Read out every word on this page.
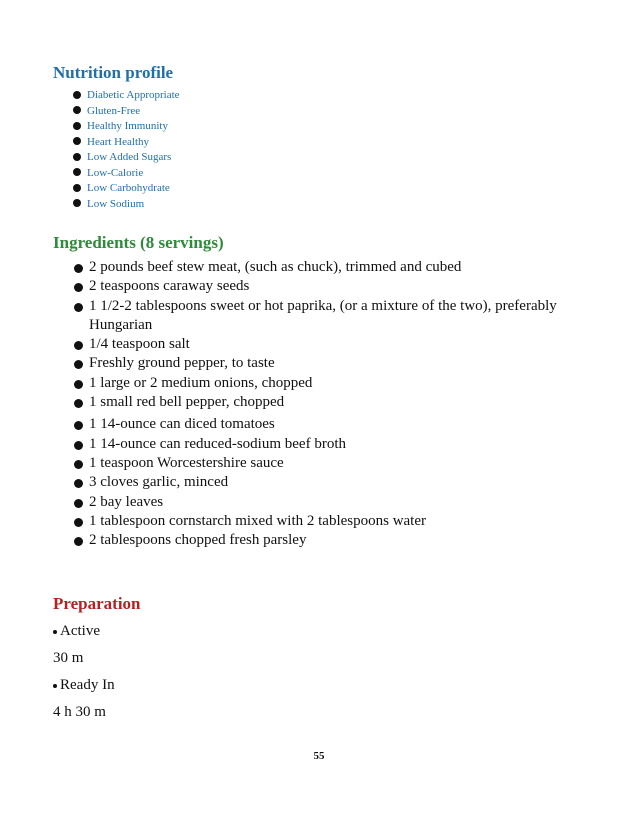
Nutrition profile
Diabetic Appropriate
Gluten-Free
Healthy Immunity
Heart Healthy
Low Added Sugars
Low-Calorie
Low Carbohydrate
Low Sodium
Ingredients (8 servings)
2 pounds beef stew meat, (such as chuck), trimmed and cubed
2 teaspoons caraway seeds
1 1/2-2 tablespoons sweet or hot paprika, (or a mixture of the two), preferably Hungarian
1/4 teaspoon salt
Freshly ground pepper, to taste
1 large or 2 medium onions, chopped
1 small red bell pepper, chopped
1 14-ounce can diced tomatoes
1 14-ounce can reduced-sodium beef broth
1 teaspoon Worcestershire sauce
3 cloves garlic, minced
2 bay leaves
1 tablespoon cornstarch mixed with 2 tablespoons water
2 tablespoons chopped fresh parsley
Preparation

Active

30 m

Ready In

4 h 30 m

55
